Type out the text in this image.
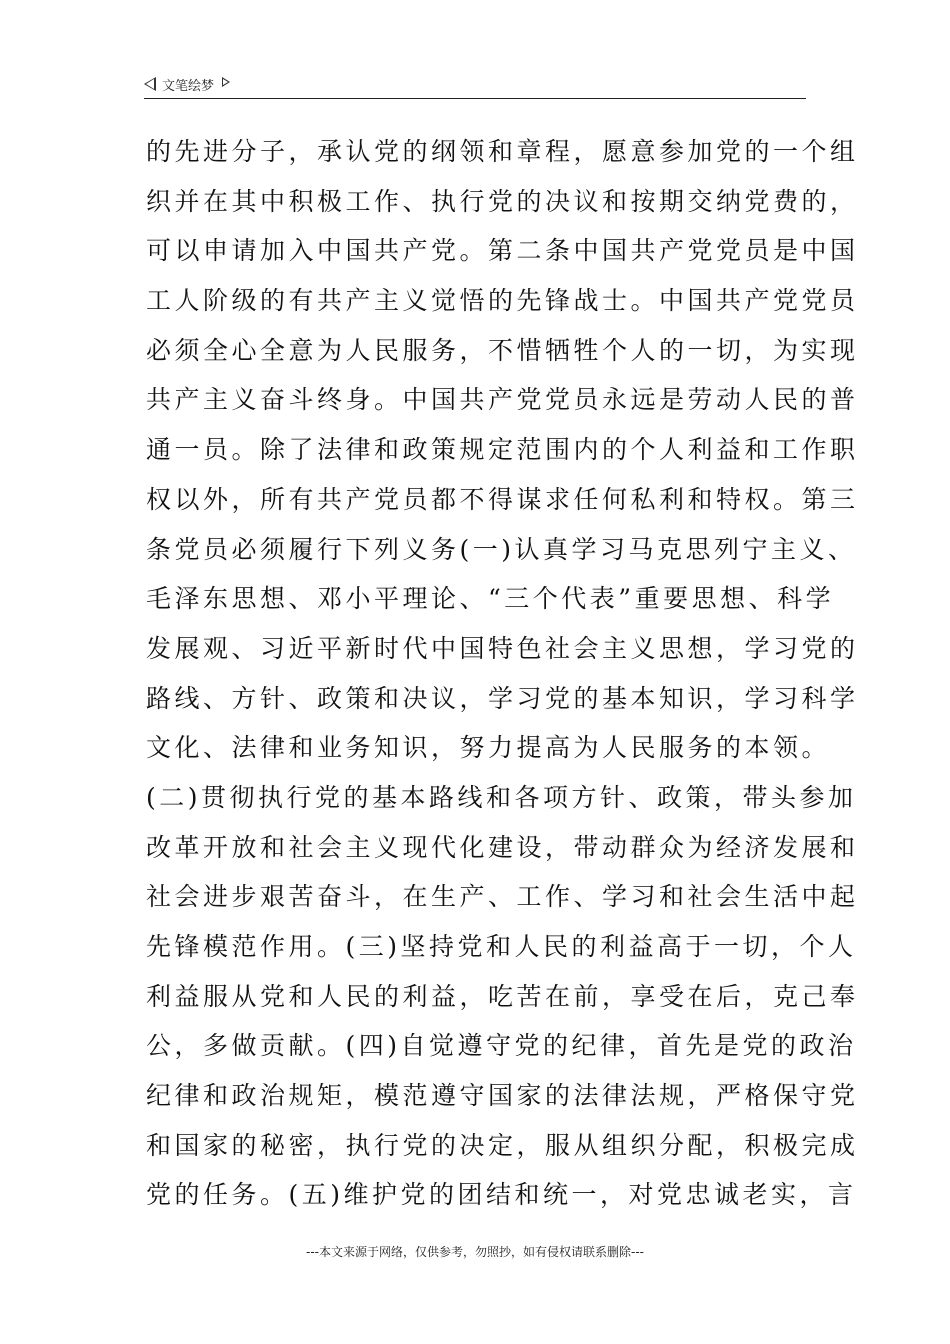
文笔绘梦
的先进分子，承认党的纲领和章程，愿意参加党的一个组
织并在其中积极工作、执行党的决议和按期交纳党费的，
可以申请加入中国共产党。第二条中国共产党党员是中国
工人阶级的有共产主义觉悟的先锋战士。中国共产党党员
必须全心全意为人民服务，不惜牺牲个人的一切，为实现
共产主义奋斗终身。中国共产党党员永远是劳动人民的普
通一员。除了法律和政策规定范围内的个人利益和工作职
权以外，所有共产党员都不得谋求任何私利和特权。第三
条党员必须履行下列义务(一)认真学习马克思列宁主义、
毛泽东思想、邓小平理论、“三个代表”重要思想、科学
发展观、习近平新时代中国特色社会主义思想，学习党的
路线、方针、政策和决议，学习党的基本知识，学习科学
文化、法律和业务知识，努力提高为人民服务的本领。
(二)贯彻执行党的基本路线和各项方针、政策，带头参加
改革开放和社会主义现代化建设，带动群众为经济发展和
社会进步艰苦奋斗，在生产、工作、学习和社会生活中起
先锋模范作用。(三)坚持党和人民的利益高于一切，个人
利益服从党和人民的利益，吃苦在前，享受在后，克己奉
公，多做贡献。(四)自觉遵守党的纪律，首先是党的政治
纪律和政治规矩，模范遵守国家的法律法规，严格保守党
和国家的秘密，执行党的决定，服从组织分配，积极完成
党的任务。(五)维护党的团结和统一，对党忠诚老实，言
---本文来源于网络，仅供参考，勿照抄，如有侵权请联系删除---
